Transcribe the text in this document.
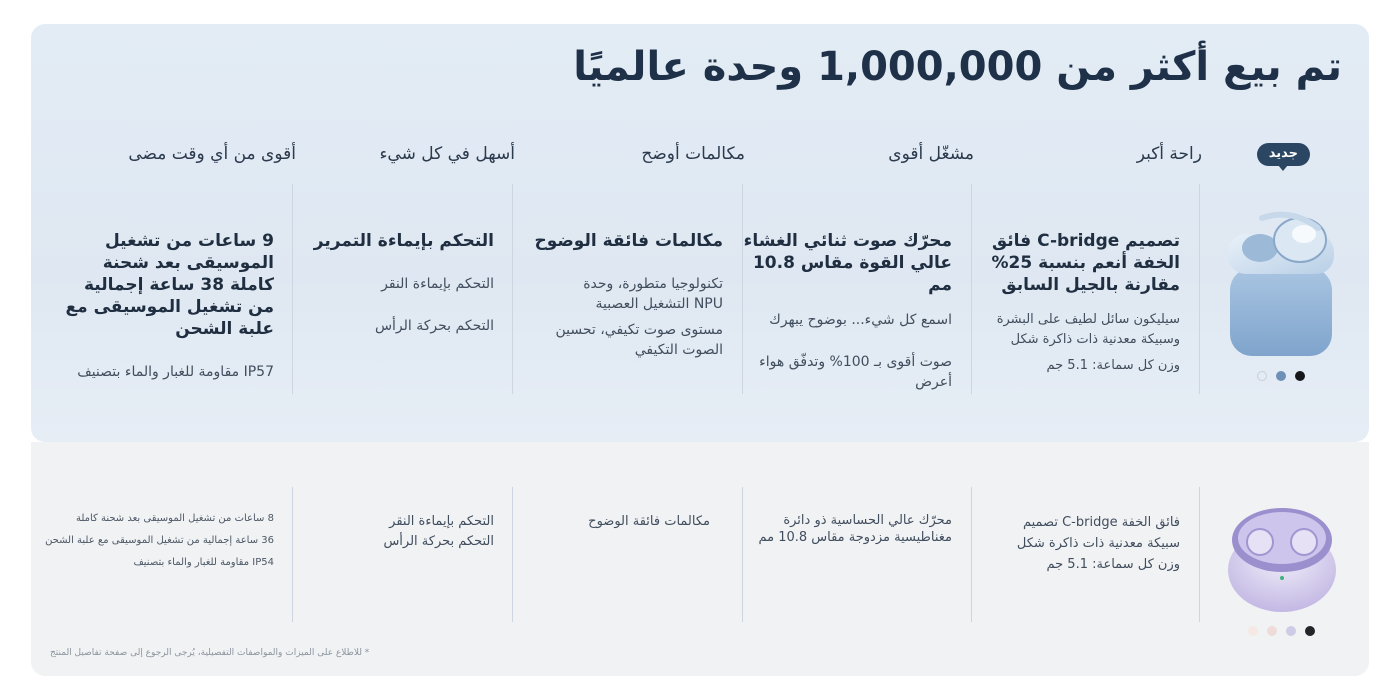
تم بيع أكثر من 1,000,000 وحدة عالميًا
جديد
راحة أكبر
مشغّل أقوى
مكالمات أوضح
أسهل في كل شيء
أقوى من أي وقت مضى
تصميم C-bridge فائق الخفة أنعم بنسبة 25% مقارنة بالجيل السابق
سيليكون سائل لطيف على البشرة وسبيكة معدنية ذات ذاكرة شكل
وزن كل سماعة: 5.1 جم
محرّك صوت ثنائي الغشاء عالي القوة مقاس 10.8 مم
اسمع كل شيء... بوضوح يبهرك
صوت أقوى بـ 100% وتدفّق هواء أعرض
مكالمات فائقة الوضوح
تكنولوجيا متطورة، وحدة NPU التشغيل العصبية
مستوى صوت تكيفي، تحسين الصوت التكيفي
التحكم بإيماءة التمرير
التحكم بإيماءة النقر
التحكم بحركة الرأس
9 ساعات من تشغيل الموسيقى بعد شحنة كاملة 38 ساعة إجمالية من تشغيل الموسيقى مع علبة الشحن
IP57 مقاومة للغبار والماء بتصنيف
فائق الخفة C-bridge تصميم سبيكة معدنية ذات ذاكرة شكل وزن كل سماعة: 5.1 جم
محرّك عالي الحساسية ذو دائرة مغناطيسية مزدوجة مقاس 10.8 مم
مكالمات فائقة الوضوح
التحكم بإيماءة النقر التحكم بحركة الرأس
8 ساعات من تشغيل الموسيقى بعد شحنة كاملة
36 ساعة إجمالية من تشغيل الموسيقى مع علبة الشحن
IP54 مقاومة للغبار والماء بتصنيف
* للاطلاع على الميزات والمواصفات التفصيلية، يُرجى الرجوع إلى صفحة تفاصيل المنتج
